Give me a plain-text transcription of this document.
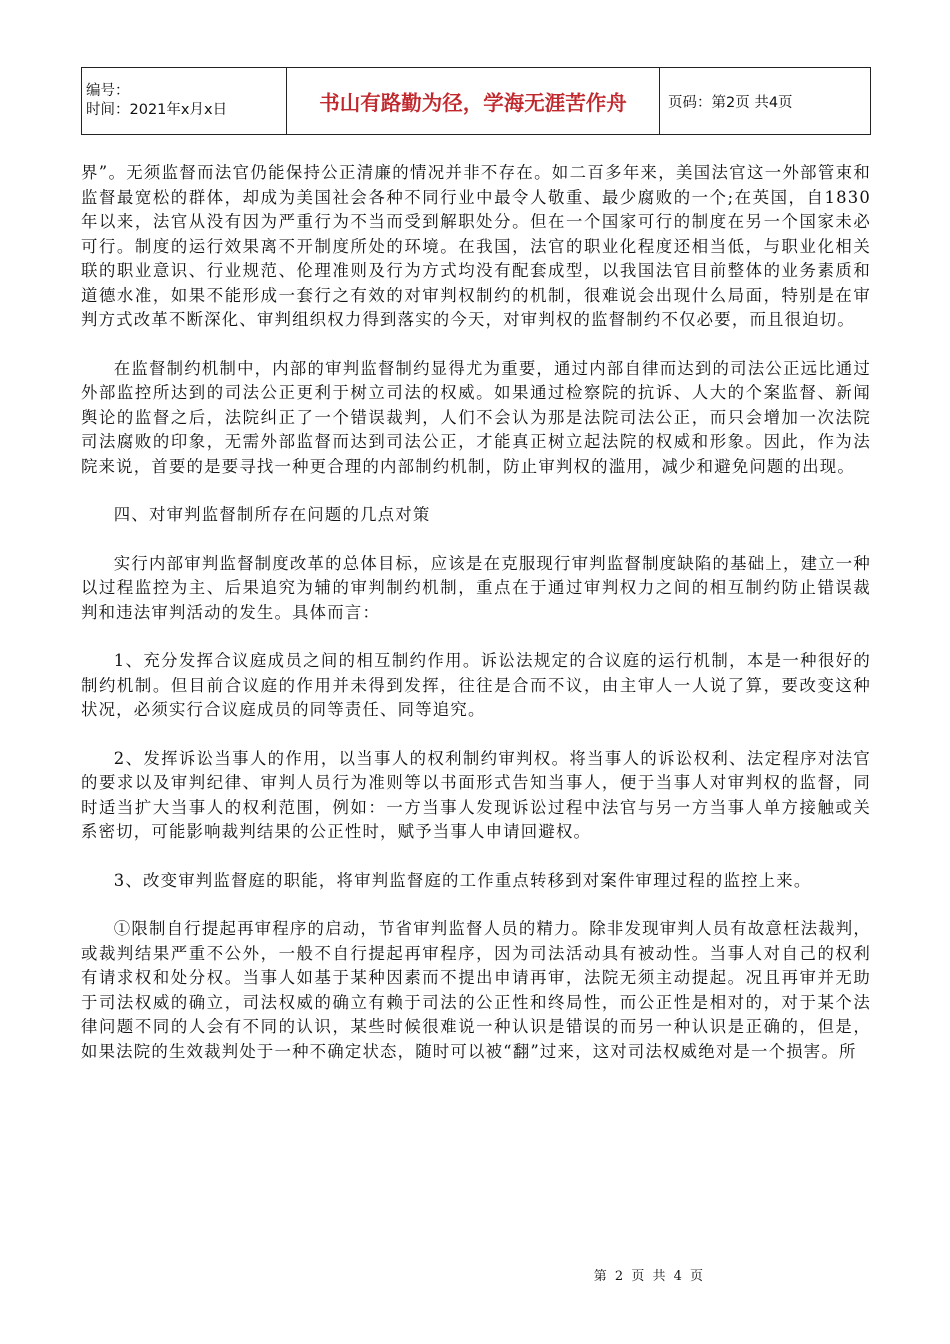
编号：
时间：2021年x月x日	书山有路勤为径，学海无涯苦作舟	页码：第2页 共4页

界”。无须监督而法官仍能保持公正清廉的情况并非不存在。如二百多年来，美国法官这一外部管束和监督最宽松的群体，却成为美国社会各种不同行业中最令人敬重、最少腐败的一个;在英国，自1830年以来，法官从没有因为严重行为不当而受到解职处分。但在一个国家可行的制度在另一个国家未必可行。制度的运行效果离不开制度所处的环境。在我国，法官的职业化程度还相当低，与职业化相关联的职业意识、行业规范、伦理准则及行为方式均没有配套成型，以我国法官目前整体的业务素质和道德水准，如果不能形成一套行之有效的对审判权制约的机制，很难说会出现什么局面，特别是在审判方式改革不断深化、审判组织权力得到落实的今天，对审判权的监督制约不仅必要，而且很迫切。

在监督制约机制中，内部的审判监督制约显得尤为重要，通过内部自律而达到的司法公正远比通过外部监控所达到的司法公正更利于树立司法的权威。如果通过检察院的抗诉、人大的个案监督、新闻舆论的监督之后，法院纠正了一个错误裁判，人们不会认为那是法院司法公正，而只会增加一次法院司法腐败的印象，无需外部监督而达到司法公正，才能真正树立起法院的权威和形象。因此，作为法院来说，首要的是要寻找一种更合理的内部制约机制，防止审判权的滥用，减少和避免问题的出现。

四、对审判监督制所存在问题的几点对策

实行内部审判监督制度改革的总体目标，应该是在克服现行审判监督制度缺陷的基础上，建立一种以过程监控为主、后果追究为辅的审判制约机制，重点在于通过审判权力之间的相互制约防止错误裁判和违法审判活动的发生。具体而言：

1、充分发挥合议庭成员之间的相互制约作用。诉讼法规定的合议庭的运行机制，本是一种很好的制约机制。但目前合议庭的作用并未得到发挥，往往是合而不议，由主审人一人说了算，要改变这种状况，必须实行合议庭成员的同等责任、同等追究。

2、发挥诉讼当事人的作用，以当事人的权利制约审判权。将当事人的诉讼权利、法定程序对法官的要求以及审判纪律、审判人员行为准则等以书面形式告知当事人，便于当事人对审判权的监督，同时适当扩大当事人的权利范围，例如：一方当事人发现诉讼过程中法官与另一方当事人单方接触或关系密切，可能影响裁判结果的公正性时，赋予当事人申请回避权。

3、改变审判监督庭的职能，将审判监督庭的工作重点转移到对案件审理过程的监控上来。

①限制自行提起再审程序的启动，节省审判监督人员的精力。除非发现审判人员有故意枉法裁判，或裁判结果严重不公外，一般不自行提起再审程序，因为司法活动具有被动性。当事人对自己的权利有请求权和处分权。当事人如基于某种因素而不提出申请再审，法院无须主动提起。况且再审并无助于司法权威的确立，司法权威的确立有赖于司法的公正性和终局性，而公正性是相对的，对于某个法律问题不同的人会有不同的认识，某些时候很难说一种认识是错误的而另一种认识是正确的，但是，如果法院的生效裁判处于一种不确定状态，随时可以被“翻”过来，这对司法权威绝对是一个损害。所

第 2 页 共 4 页
